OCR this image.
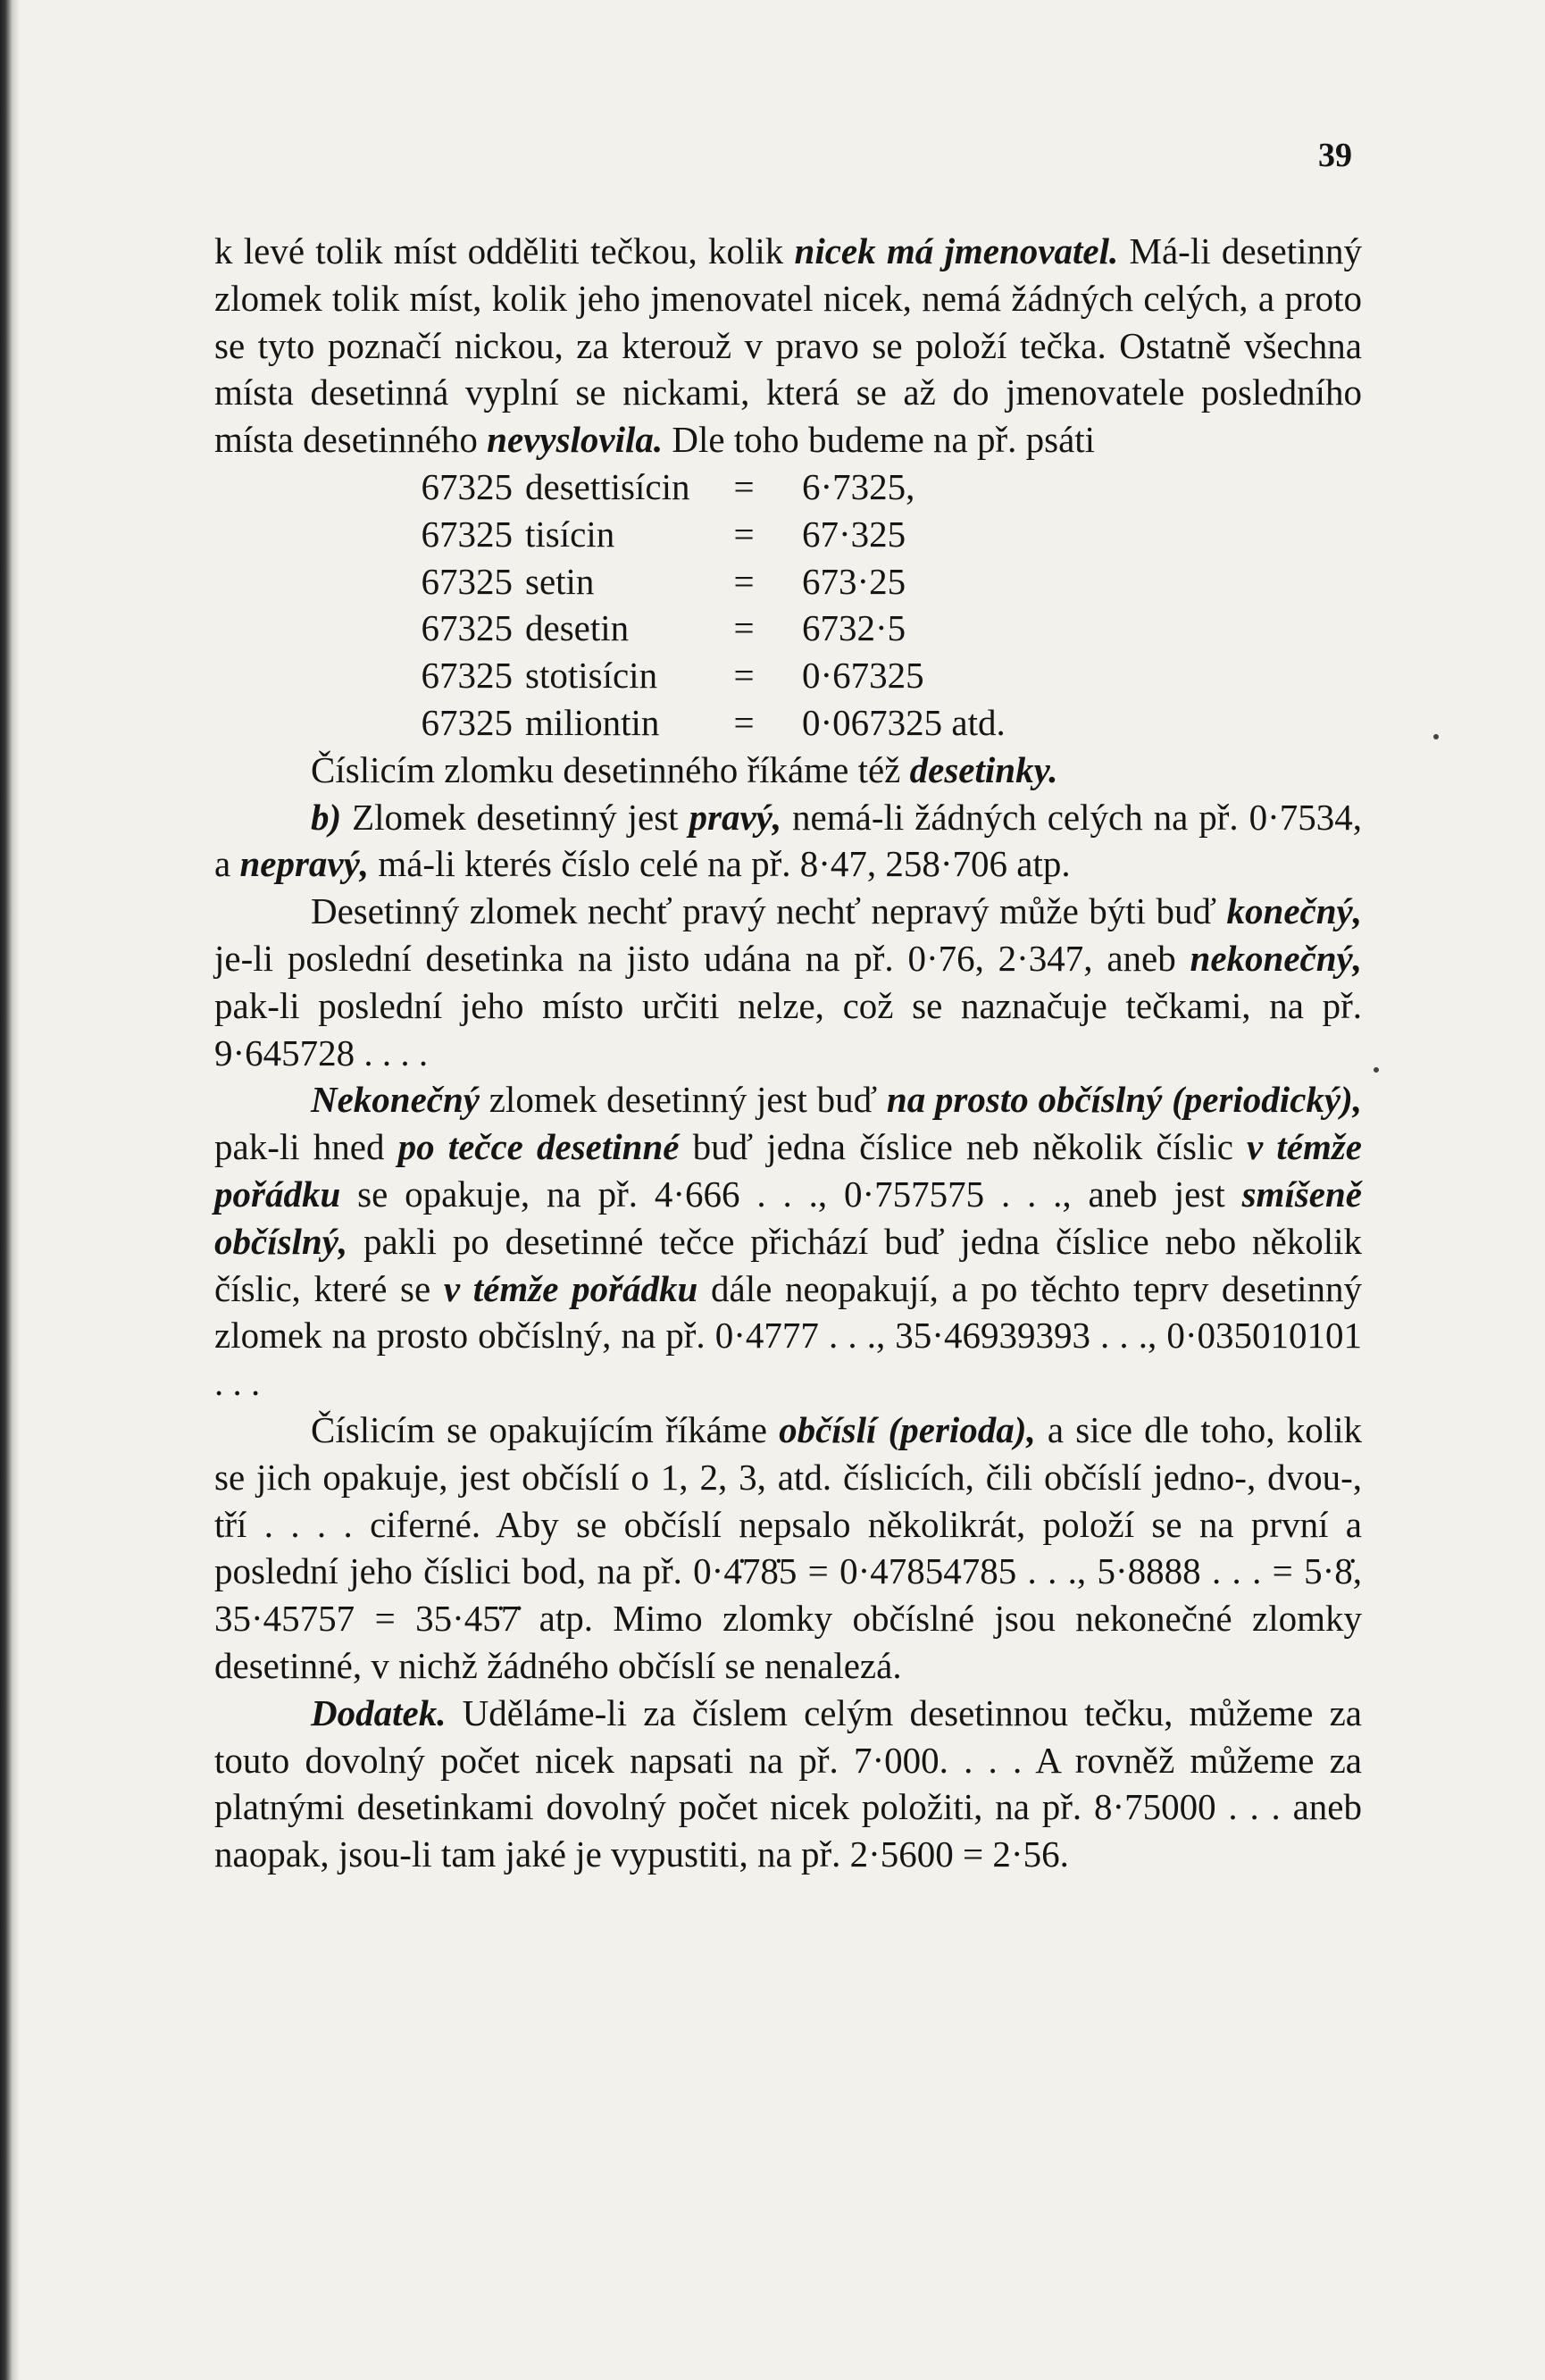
39

k levé tolik míst odděliti tečkou, kolik nicek má jmenovatel. Má-li desetinný zlomek tolik míst, kolik jeho jmenovatel nicek, nemá žádných celých, a proto se tyto poznačí nickou, za kterouž v pravo se položí tečka. Ostatně všechna místa desetinná vyplní se nickami, která se až do jmenovatele posledního místa desetinného nevyslovila. Dle toho budeme na př. psáti

67325 desettisícin	=	6·7325,
67325 tisícin	=	67·325
67325 setin	=	673·25
67325 desetin	=	6732·5
67325 stotisícin	=	0·67325
67325 miliontin	=	0·067325 atd.

Číslicím zlomku desetinného říkáme též desetinky.

b) Zlomek desetinný jest pravý, nemá-li žádných celých na př. 0·7534, a nepravý, má-li kterés číslo celé na př. 8·47, 258·706 atp.

Desetinný zlomek nechť pravý nechť nepravý může býti buď konečný, je-li poslední desetinka na jisto udána na př. 0·76, 2·347, aneb nekonečný, pak-li poslední jeho místo určiti nelze, což se naznačuje tečkami, na př. 9·645728 . . . .

Nekonečný zlomek desetinný jest buď na prosto občíslný (periodický), pak-li hned po tečce desetinné buď jedna číslice neb několik číslic v témže pořádku se opakuje, na př. 4·666 . . ., 0·757575 . . ., aneb jest smíšeně občíslný, pakli po desetinné tečce přichází buď jedna číslice nebo několik číslic, které se v témže pořádku dále neopakují, a po těchto teprv desetinný zlomek na prosto občíslný, na př. 0·4777 . . ., 35·46939393 . . ., 0·035010101 . . .

Číslicím se opakujícím říkáme občíslí (perioda), a sice dle toho, kolik se jich opakuje, jest občíslí o 1, 2, 3, atd. číslicích, čili občíslí jedno-, dvou-, tří . . . . ciferné. Aby se občíslí nepsalo několikrát, položí se na první a poslední jeho číslici bod, na př. 0·4̇78̇5 = 0·47854785 . . ., 5·8888 . . . = 5·8̇, 35·45757 = 35·45̇7̇ atp. Mimo zlomky občíslné jsou nekonečné zlomky desetinné, v nichž žádného občíslí se nenalezá.

Dodatek. Uděláme-li za číslem celým desetinnou tečku, můžeme za touto dovolný počet nicek napsati na př. 7·000. . . . A rovněž můžeme za platnými desetinkami dovolný počet nicek položiti, na př. 8·75000 . . . aneb naopak, jsou-li tam jaké je vypustiti, na př. 2·5600 = 2·56.
